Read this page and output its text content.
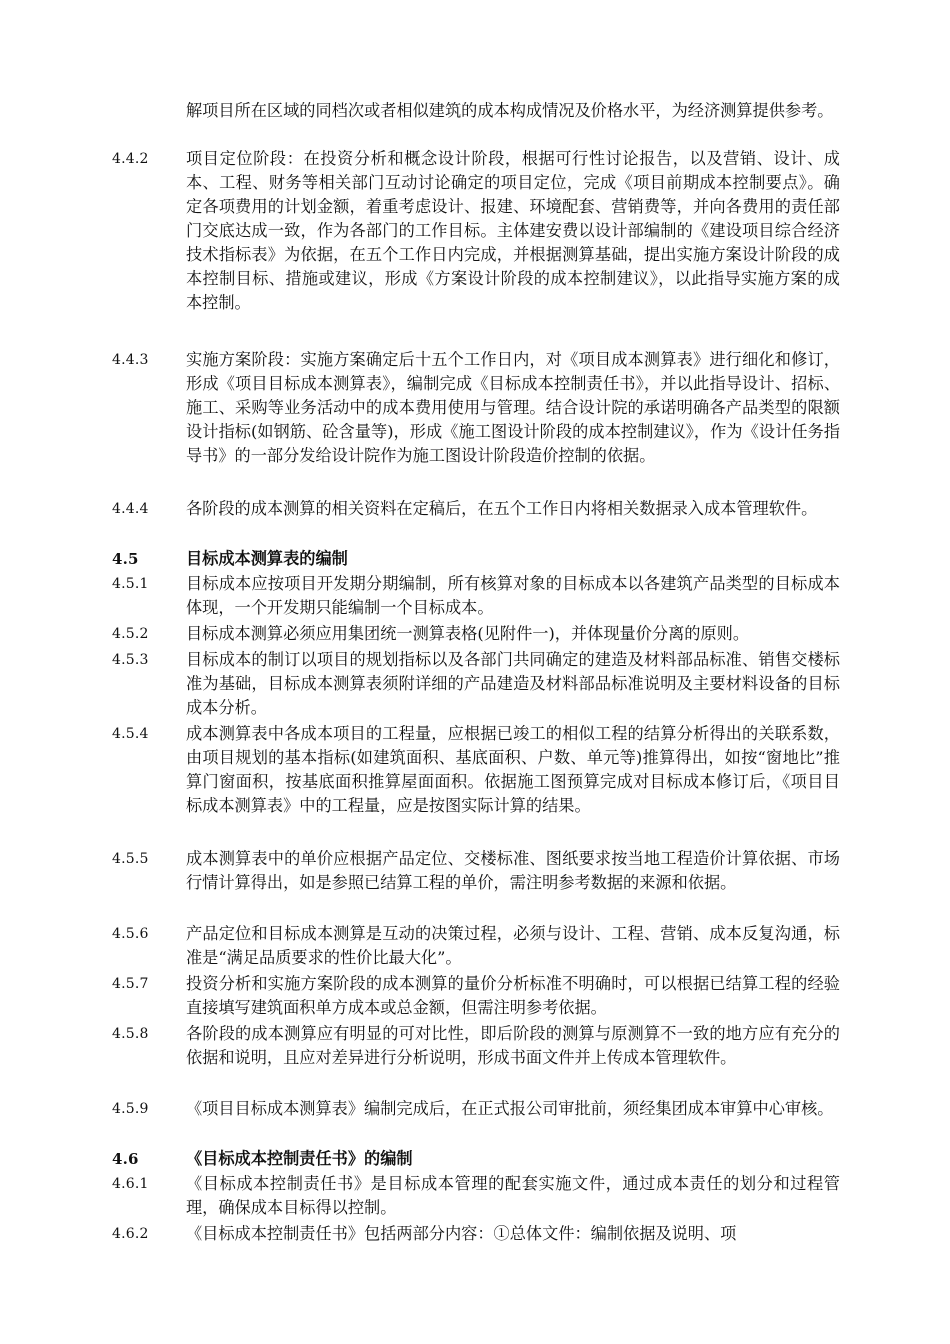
解项目所在区域的同档次或者相似建筑的成本构成情况及价格水平，为经济测算提供参考。
4.4.2	项目定位阶段：在投资分析和概念设计阶段，根据可行性讨论报告，以及营销、设计、成本、工程、财务等相关部门互动讨论确定的项目定位，完成《项目前期成本控制要点》。确定各项费用的计划金额，着重考虑设计、报建、环境配套、营销费等，并向各费用的责任部门交底达成一致，作为各部门的工作目标。主体建安费以设计部编制的《建设项目综合经济技术指标表》为依据，在五个工作日内完成，并根据测算基础，提出实施方案设计阶段的成本控制目标、措施或建议，形成《方案设计阶段的成本控制建议》，以此指导实施方案的成本控制。
4.4.3	实施方案阶段：实施方案确定后十五个工作日内，对《项目成本测算表》进行细化和修订，形成《项目目标成本测算表》，编制完成《目标成本控制责任书》，并以此指导设计、招标、施工、采购等业务活动中的成本费用使用与管理。结合设计院的承诺明确各产品类型的限额设计指标(如钢筋、砼含量等)，形成《施工图设计阶段的成本控制建议》，作为《设计任务指导书》的一部分发给设计院作为施工图设计阶段造价控制的依据。
4.4.4	各阶段的成本测算的相关资料在定稿后，在五个工作日内将相关数据录入成本管理软件。
4.5	目标成本测算表的编制
4.5.1	目标成本应按项目开发期分期编制，所有核算对象的目标成本以各建筑产品类型的目标成本体现，一个开发期只能编制一个目标成本。
4.5.2	目标成本测算必须应用集团统一测算表格(见附件一)，并体现量价分离的原则。
4.5.3	目标成本的制订以项目的规划指标以及各部门共同确定的建造及材料部品标准、销售交楼标准为基础，目标成本测算表须附详细的产品建造及材料部品标准说明及主要材料设备的目标成本分析。
4.5.4	成本测算表中各成本项目的工程量，应根据已竣工的相似工程的结算分析得出的关联系数，由项目规划的基本指标(如建筑面积、基底面积、户数、单元等)推算得出，如按“窗地比”推算门窗面积，按基底面积推算屋面面积。依据施工图预算完成对目标成本修订后，《项目目标成本测算表》中的工程量，应是按图实际计算的结果。
4.5.5	成本测算表中的单价应根据产品定位、交楼标准、图纸要求按当地工程造价计算依据、市场行情计算得出，如是参照已结算工程的单价，需注明参考数据的来源和依据。
4.5.6	产品定位和目标成本测算是互动的决策过程，必须与设计、工程、营销、成本反复沟通，标准是“满足品质要求的性价比最大化”。
4.5.7	投资分析和实施方案阶段的成本测算的量价分析标准不明确时，可以根据已结算工程的经验直接填写建筑面积单方成本或总金额，但需注明参考依据。
4.5.8	各阶段的成本测算应有明显的可对比性，即后阶段的测算与原测算不一致的地方应有充分的依据和说明，且应对差异进行分析说明，形成书面文件并上传成本管理软件。
4.5.9	《项目目标成本测算表》编制完成后，在正式报公司审批前，须经集团成本审算中心审核。
4.6	《目标成本控制责任书》的编制
4.6.1	《目标成本控制责任书》是目标成本管理的配套实施文件，通过成本责任的划分和过程管理，确保成本目标得以控制。
4.6.2	《目标成本控制责任书》包括两部分内容：①总体文件：编制依据及说明、项
